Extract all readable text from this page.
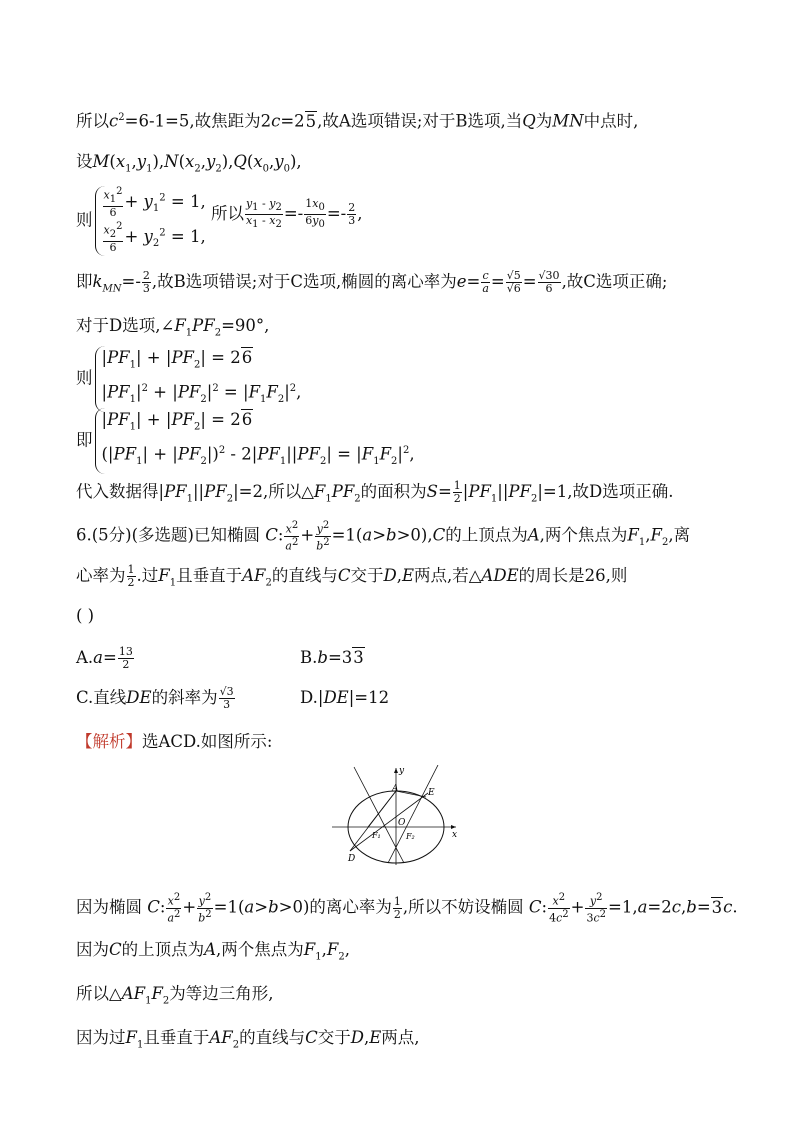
所以$c^2=6-1=5$,故焦距为2c=25,故A选项错误;对于B选项,当Q为MN中点时,
设$M(x_1,y_1),N(x_2,y_2),Q(x_0,y_0)$,
则
$\frac{x_1^2}{6} + y_1^2 = 1$,
$\frac{x_2^2}{6} + y_2^2 = 1$,
所以 $\frac{y_1 - y_2}{x_1 - x_2} =- \frac{1x_0}{6y_0} =- \frac{2}{3}$ ,
即$k_{MN}=- \frac{2}{3}$ ,故B选项错误;对于C选项,椭圆的离心率为$e= \frac{c}{a} = \frac{√5}{√6} = \frac{√30}{6}$ ,故C选项正确;
对于D选项$,\angle F_1PF_2=90^\circ$,
则
$|PF_1| + |PF_2| = 26$
$|PF_1|^2 + |PF_2|^2 = |F_1F_2|^2$,
即
$|PF_1| + |PF_2| = 26$
$(|PF_1| + |PF_2|)^2 - 2|PF_1||PF_2| = |F_1F_2|^2$,
代入数据得$|PF_1||PF_2|=2$,所以$\triangle F_1PF_2$的面积为$S= \frac{1}{2} |PF_1||PF_2|=1$,故D选项正确.
6.(5分)(多选题)已知椭圆 C: $\frac{x^2}{a^2} + \frac{y^2}{b^2} =1(a>b>0),C$的上顶点为A,两个焦点为$F_1,F_2$,离
心率为 $\frac{1}{2}$ .过$F_1$且垂直于$AF_2$的直线与C交于D,E两点,若△ADE的周长是26,则
( )
$A.a= \frac{13}{2}$	B.b=33
C.直线DE的斜率为 $\frac{√3}{3}$	D.|DE|=12
【解析】选ACD.如图所示:
y
x
A	E
O
F₁	F₂
D
因为椭圆 C: $\frac{x^2}{a^2} + \frac{y^2}{b^2} =1(a>b>0)$的离心率为 $\frac{1}{2}$ ,所以不妨设椭圆 C: $\frac{x^2}{4c^2} + \frac{y^2}{3c^2} =1,a=2c,b=3c$.
因为C的上顶点为A,两个焦点为$F_1,F_2$,
所以$\triangle AF_1F_2$为等边三角形,
因为过$F_1$且垂直于$AF_2$的直线与C交于D,E两点,
